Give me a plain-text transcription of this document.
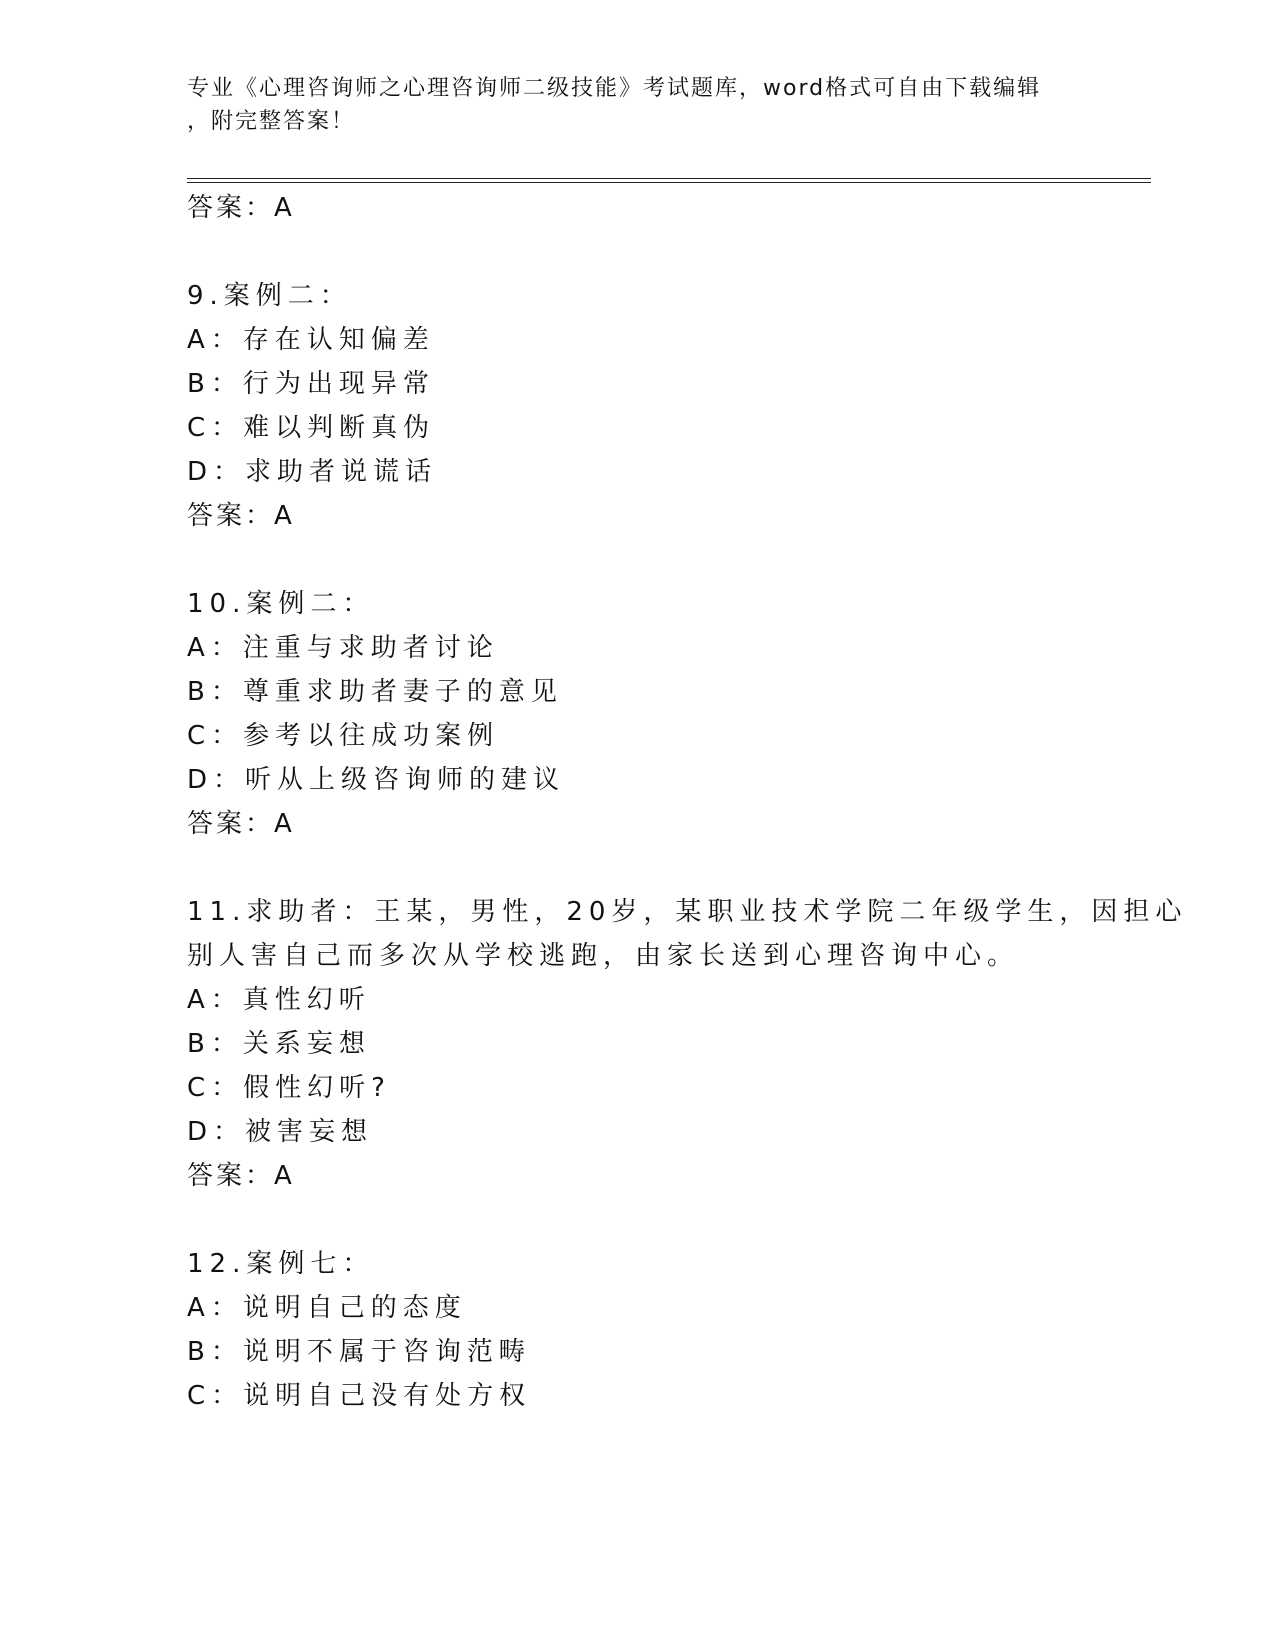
专业《心理咨询师之心理咨询师二级技能》考试题库，word格式可自由下载编辑
，附完整答案！
答案：A
9.案例二：
A：存在认知偏差
B：行为出现异常
C：难以判断真伪
D：求助者说谎话
答案：A
10.案例二：
A：注重与求助者讨论
B：尊重求助者妻子的意见
C：参考以往成功案例
D：听从上级咨询师的建议
答案：A
11.求助者：王某，男性，20岁，某职业技术学院二年级学生，因担心
别人害自己而多次从学校逃跑，由家长送到心理咨询中心。
A：真性幻听
B：关系妄想
C：假性幻听?
D：被害妄想
答案：A
12.案例七：
A：说明自己的态度
B：说明不属于咨询范畴
C：说明自己没有处方权
